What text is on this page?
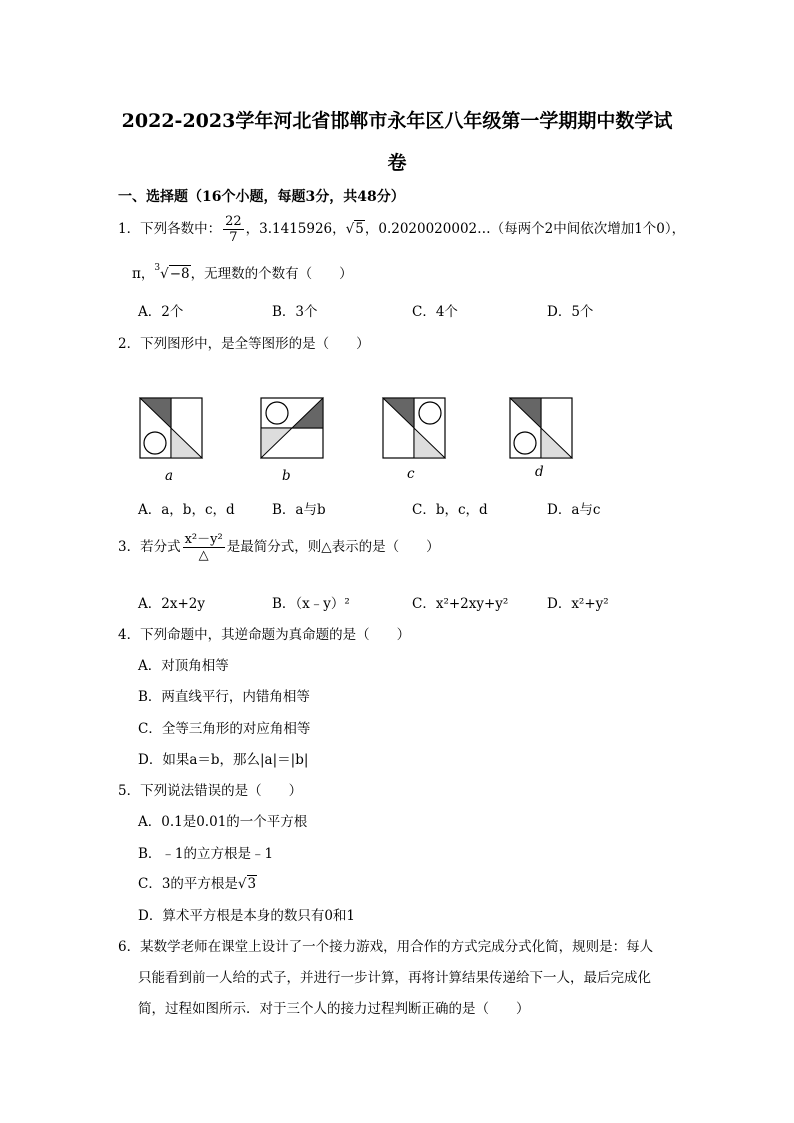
2022-2023学年河北省邯郸市永年区八年级第一学期期中数学试
卷
一、选择题（16个小题，每题3分，共48分）
1．下列各数中： $\frac{22}{7}$ ，3.1415926，√5，0.2020020002…（每两个2中间依次增加1个0），
π，$^3$√−8，无理数的个数有（　　）
A．2个	B．3个	C．4个	D．5个
2．下列图形中，是全等图形的是（　　）
a	b	c	d
A．a，b，c，d	B．a与b	C．b，c，d	D．a与c
3．若分式 $\frac{\text{x²－y²}}{\triangle}$ 是最简分式，则△表示的是（　　）
A．2x+2y	B．（x﹣y）²	C．x²+2xy+y²	D．x²+y²
4．下列命题中，其逆命题为真命题的是（　　）
A．对顶角相等
B．两直线平行，内错角相等
C．全等三角形的对应角相等
D．如果a＝b，那么|a|＝|b|
5．下列说法错误的是（　　）
A．0.1是0.01的一个平方根
B．﹣1的立方根是﹣1
C．3的平方根是√3
D．算术平方根是本身的数只有0和1
6．某数学老师在课堂上设计了一个接力游戏，用合作的方式完成分式化简，规则是：每人
只能看到前一人给的式子，并进行一步计算，再将计算结果传递给下一人，最后完成化
简，过程如图所示．对于三个人的接力过程判断正确的是（　　）
